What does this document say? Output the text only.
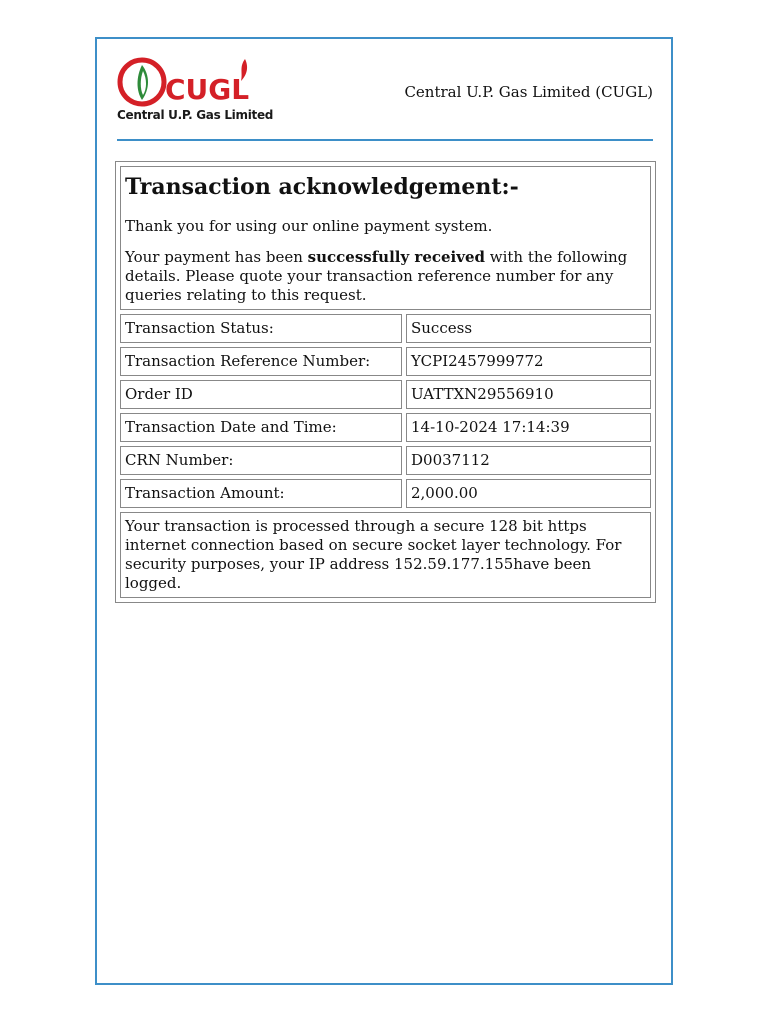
CUGL
Central U.P. Gas Limited
Central U.P. Gas Limited (CUGL)
Transaction acknowledgement:-
Thank you for using our online payment system.
Your payment has been successfully received with the following details. Please quote your transaction reference number for any queries relating to this request.	

Transaction Status:	Success
Transaction Reference Number:	YCPI2457999772
Order ID	UATTXN29556910
Transaction Date and Time:	14-10-2024 17:14:39
CRN Number:	D0037112
Transaction Amount:	2,000.00
Your transaction is processed through a secure 128 bit https internet connection based on secure socket layer technology. For security purposes, your IP address 152.59.177.155have been logged.	
